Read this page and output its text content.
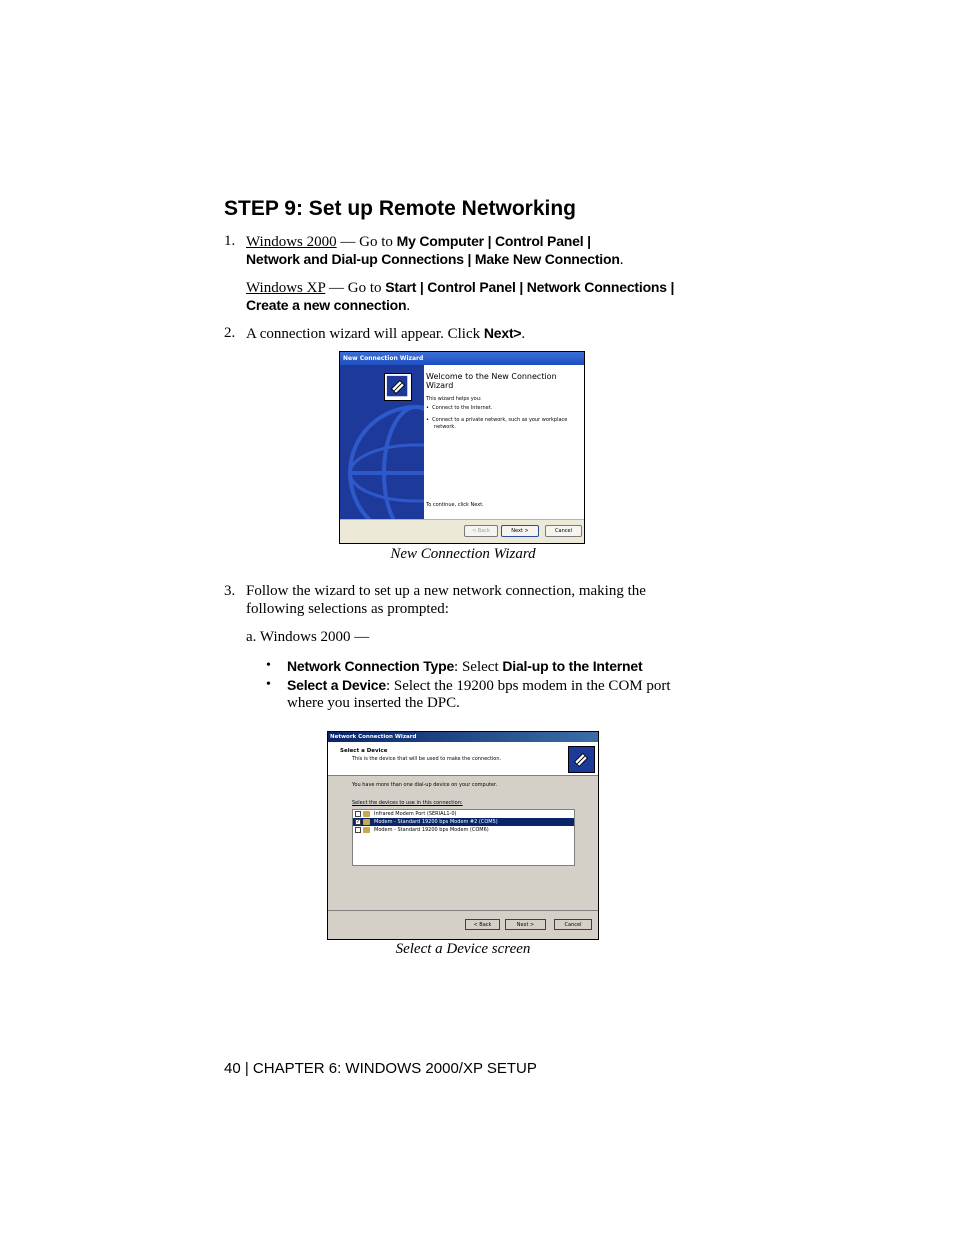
STEP 9: Set up Remote Networking
1. Windows 2000 — Go to My Computer | Control Panel |
Network and Dial-up Connections | Make New Connection.
Windows XP — Go to Start | Control Panel | Network Connections |
Create a new connection.
2. A connection wizard will appear. Click Next>.
New Connection Wizard
Welcome to the New Connection
Wizard
This wizard helps you:
•  Connect to the Internet.
•  Connect to a private network, such as your workplace
network.
To continue, click Next.
< Back	Next >	Cancel
New Connection Wizard
3. Follow the wizard to set up a new network connection, making the
following selections as prompted:
a. Windows 2000 —
• Network Connection Type: Select Dial-up to the Internet
• Select a Device: Select the 19200 bps modem in the COM port
where you inserted the DPC.
Network Connection Wizard
Select a Device
This is the device that will be used to make the connection.
You have more than one dial-up device on your computer.
Select the devices to use in this connection:
Infrared Modem Port (SERIAL1-0)
✓	Modem - Standard 19200 bps Modem #2 (COM5)
Modem - Standard 19200 bps Modem (COM6)
< Back	Next >	Cancel
Select a Device screen
40 | CHAPTER 6: WINDOWS 2000/XP SETUP
